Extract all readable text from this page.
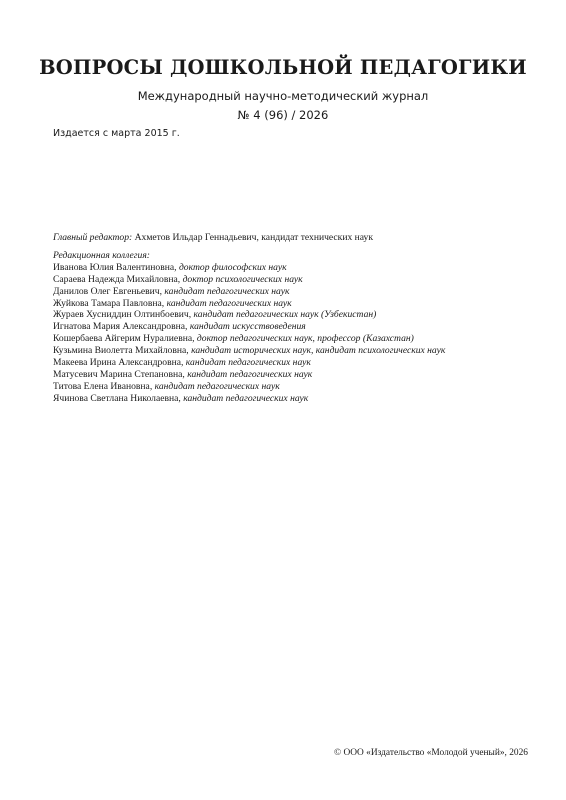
ВОПРОСЫ ДОШКОЛЬНОЙ ПЕДАГОГИКИ
Международный научно-методический журнал
№ 4 (96) / 2026
Издается с марта 2015 г.

Главный редактор: Ахметов Ильдар Геннадьевич, кандидат технических наук

Редакционная коллегия:

Иванова Юлия Валентиновна, доктор философских наук

Сараева Надежда Михайловна, доктор психологических наук

Данилов Олег Евгеньевич, кандидат педагогических наук

Жуйкова Тамара Павловна, кандидат педагогических наук

Жураев Хусниддин Олтинбоевич, кандидат педагогических наук (Узбекистан)

Игнатова Мария Александровна, кандидат искусствоведения

Кошербаева Айгерим Нуралиевна, доктор педагогических наук, профессор (Казахстан)

Кузьмина Виолетта Михайловна, кандидат исторических наук, кандидат психологических наук

Макеева Ирина Александровна, кандидат педагогических наук

Матусевич Марина Степановна, кандидат педагогических наук

Титова Елена Ивановна, кандидат педагогических наук

Ячинова Светлана Николаевна, кандидат педагогических наук

© ООО «Издательство «Молодой ученый», 2026
